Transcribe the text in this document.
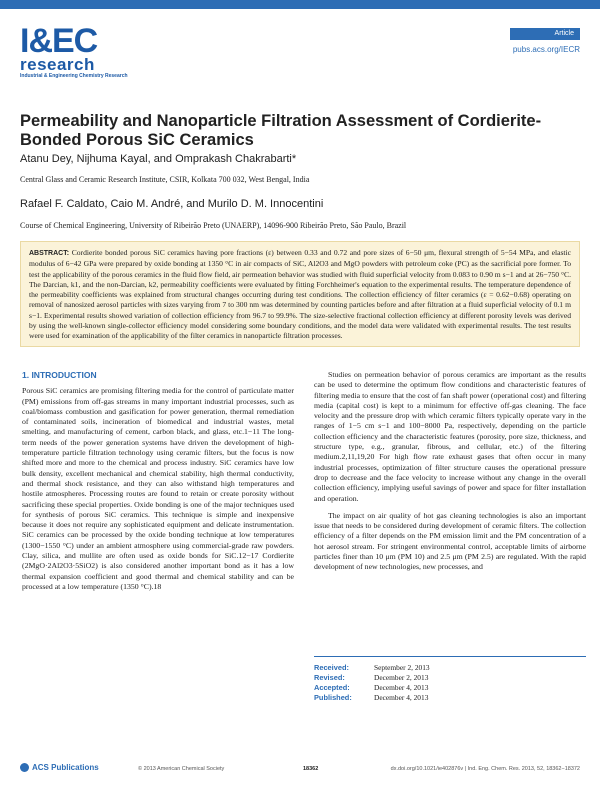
I&EC
research
Industrial & Engineering Chemistry Research
Article
pubs.acs.org/IECR
Permeability and Nanoparticle Filtration Assessment of Cordierite-Bonded Porous SiC Ceramics
Atanu Dey, Nijhuma Kayal, and Omprakash Chakrabarti*
Central Glass and Ceramic Research Institute, CSIR, Kolkata 700 032, West Bengal, India
Rafael F. Caldato, Caio M. André, and Murilo D. M. Innocentini
Course of Chemical Engineering, University of Ribeirão Preto (UNAERP), 14096-900 Ribeirão Preto, São Paulo, Brazil
ABSTRACT: Cordierite bonded porous SiC ceramics having pore fractions (ε) between 0.33 and 0.72 and pore sizes of 6−50 μm, flexural strength of 5−54 MPa, and elastic modulus of 6−42 GPa were prepared by oxide bonding at 1350 °C in air compacts of SiC, Al2O3 and MgO powders with petroleum coke (PC) as the sacrificial pore former. To test the applicability of the porous ceramics in the fluid flow field, air permeation behavior was studied with fluid superficial velocity from 0.083 to 0.90 m s−1 and at 26−750 °C. The Darcian, k1, and the non-Darcian, k2, permeability coefficients were evaluated by fitting Forchheimer's equation to the experimental results. The temperature dependence of the permeability coefficients was explained from structural changes occurring during test conditions. The collection efficiency of filter ceramics (ε = 0.62−0.68) operating on removal of nanosized aerosol particles with sizes varying from 7 to 300 nm was determined by counting particles before and after filtration at a fluid superficial velocity of 0.1 m s−1. Experimental results showed variation of collection efficiency from 96.7 to 99.9%. The size-selective fractional collection efficiency at different porosity levels was derived by using the well-known single-collector efficiency model considering some boundary conditions, and the model data were validated with experimental results. The test results were used for examination of the applicability of the filter ceramics in nanoparticle filtration processes.
1. INTRODUCTION

Porous SiC ceramics are promising filtering media for the control of particulate matter (PM) emissions from off-gas streams in many important industrial processes, such as coal/biomass combustion and gasification for power generation, thermal remediation of contaminated soils, incineration of biomedical and industrial wastes, metal smelting, and manufacturing of cement, carbon black, and glass, etc.1−11 The long-term needs of the power generation systems have driven the development of high-temperature particle filtration technology using ceramic filters, but the focus is now shifted more and more to the chemical and process industry. SiC ceramics have low bulk density, excellent mechanical and chemical stability, high thermal conductivity, and thermal shock resistance, and they can also withstand high temperatures and hostile atmospheres. Processing routes are found to retain or create porosity without sacrificing these special properties. Oxide bonding is one of the major techniques used for synthesis of porous SiC ceramics. This technique is simple and inexpensive because it does not require any sophisticated equipment and delicate instrumentation. SiC ceramics can be processed by the oxide bonding technique at low temperatures (1300−1550 °C) under an ambient atmosphere using commercial-grade raw powders. Clay, silica, and mullite are often used as oxide bonds for SiC.12−17 Cordierite (2MgO·2Al2O3·5SiO2) is also considered another important bond as it has a low thermal expansion coefficient and good thermal and chemical stability and can be processed at a low temperature (1350 °C).18

Studies on permeation behavior of porous ceramics are important as the results can be used to determine the optimum flow conditions and characteristic features of filtering media to ensure that the cost of fan shaft power (operational cost) and filtering media (capital cost) is kept to a minimum for effective off-gas cleaning. The face velocity and the pressure drop with which ceramic filters typically operate vary in the ranges of 1−5 cm s−1 and 100−8000 Pa, respectively, depending on the particle collection efficiency and the characteristic features (porosity, pore size, thickness, and structure type, e.g., granular, fibrous, and cellular, etc.) of the filtering medium.2,11,19,20 For high flow rate exhaust gases that often occur in many industrial processes, optimization of filter structure causes the operational pressure drop to decrease and the face velocity to increase without any change in the overall collection efficiency, implying useful savings of power and space for filter installation and operation.

The impact on air quality of hot gas cleaning technologies is also an important issue that needs to be considered during development of ceramic filters. The collection efficiency of a filter depends on the PM emission limit and the PM concentration of a hot aerosol stream. For stringent environmental control, acceptable limits of airborne particles finer than 10 μm (PM 10) and 2.5 μm (PM 2.5) are regulated. With the rapid development of new technologies, new processes, and

Received:	September 2, 2013
Revised:	December 2, 2013
Accepted:	December 4, 2013
Published:	December 4, 2013
ACS Publications	© 2013 American Chemical Society	18362	dx.doi.org/10.1021/ie402876v | Ind. Eng. Chem. Res. 2013, 52, 18362−18372
